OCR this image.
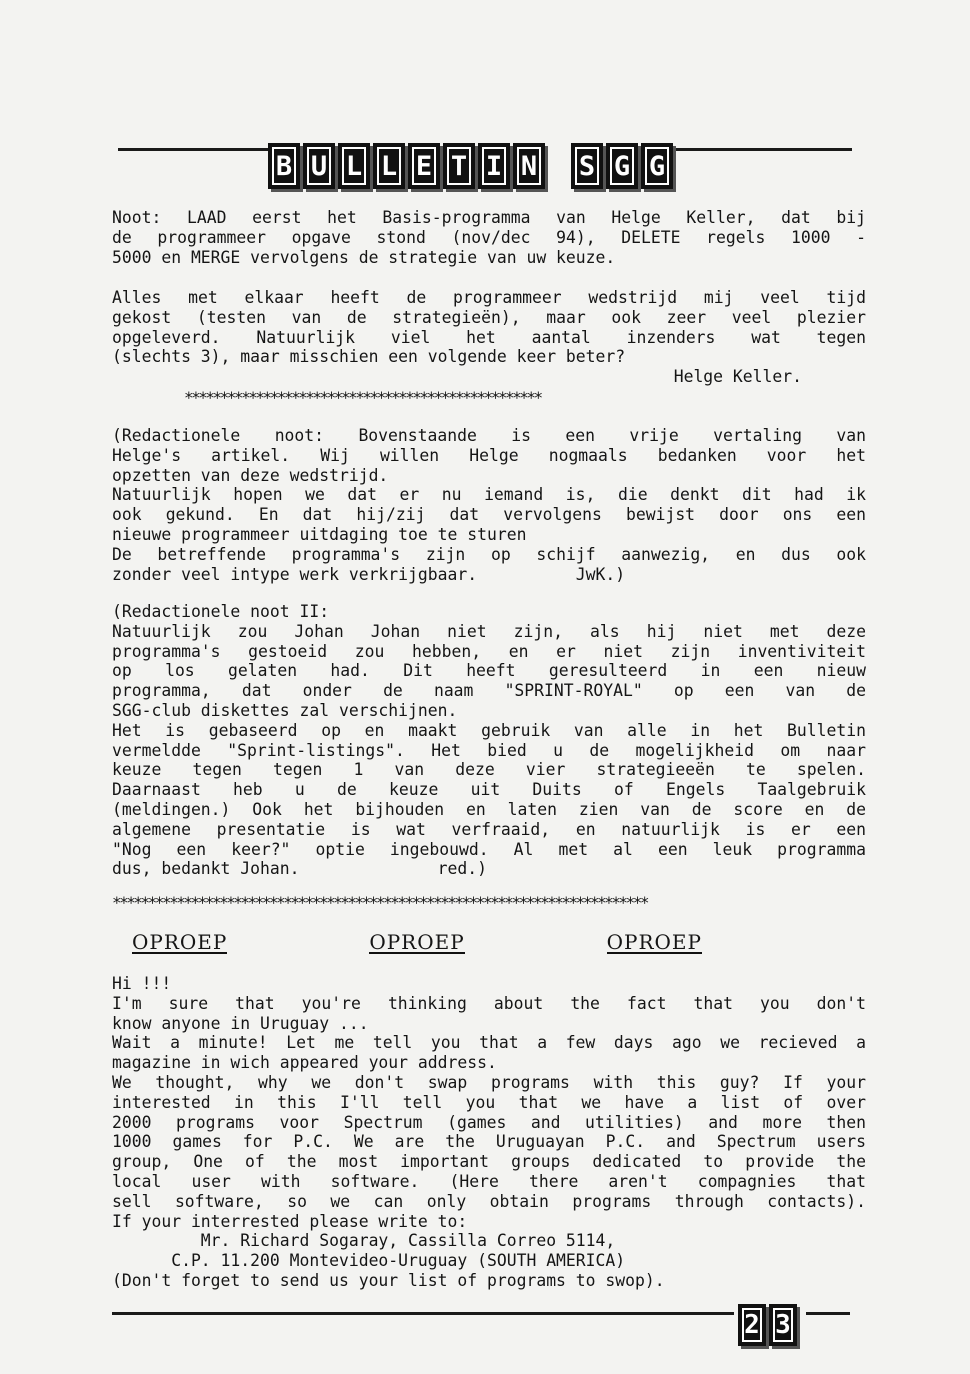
B U L L E T I N S G G
Noot: LAAD eerst het Basis-programma van Helge Keller, dat bij
de programmeer opgave stond (nov/dec 94), DELETE regels 1000 -
5000 en MERGE vervolgens de strategie van uw keuze.
Alles met elkaar heeft de programmeer wedstrijd mij veel tijd
gekost (testen van de strategieën), maar ook zeer veel plezier
opgeleverd. Natuurlijk viel het aantal inzenders wat tegen
(slechts 3), maar misschien een volgende keer beter?
Helge Keller.
**************************************************
(Redactionele noot: Bovenstaande is een vrije vertaling van
Helge's artikel. Wij willen Helge nogmaals bedanken voor het
opzetten van deze wedstrijd.
Natuurlijk hopen we dat er nu iemand is, die denkt dit had ik
ook gekund. En dat hij/zij dat vervolgens bewijst door ons een
nieuwe programmeer uitdaging toe te sturen
De betreffende programma's zijn op schijf aanwezig, en dus ook
zonder veel intype werk verkrijgbaar.          JwK.)
(Redactionele noot II:
Natuurlijk zou Johan Johan niet zijn, als hij niet met deze
programma's gestoeid zou hebben, en er niet zijn inventiviteit
op los gelaten had. Dit heeft geresulteerd in een nieuw
programma, dat onder de naam "SPRINT-ROYAL" op een van de
SGG-club diskettes zal verschijnen.
Het is gebaseerd op en maakt gebruik van alle in het Bulletin
vermeldde "Sprint-listings". Het bied u de mogelijkheid om naar
keuze tegen tegen 1 van deze vier strategieeën te spelen.
Daarnaast heb u de keuze uit Duits of Engels Taalgebruik
(meldingen.) Ook het bijhouden en laten zien van de score en de
algemene presentatie is wat verfraaid, en natuurlijk is er een
"Nog een keer?" optie ingebouwd. Al met al een leuk programma
dus, bedankt Johan.              red.)
***************************************************************************
OPROEP	OPROEP	OPROEP
Hi !!!
I'm sure that you're thinking about the fact that you don't
know anyone in Uruguay ...
Wait a minute! Let me tell you that a few days ago we recieved a
magazine in wich appeared your address.
We thought, why we don't swap programs with this guy? If your
interested in this I'll tell you that we have a list of over
2000 programs voor Spectrum (games and utilities) and more then
1000 games for P.C. We are the Uruguayan P.C. and Spectrum users
group, One of the most important groups dedicated to provide the
local user with software. (Here there aren't compagnies that
sell software, so we can only obtain programs through contacts).
If your interrested please write to:
Mr. Richard Sogaray, Cassilla Correo 5114,
C.P. 11.200 Montevideo-Uruguay (SOUTH AMERICA)
(Don't forget to send us your list of programs to swop).
2 3
